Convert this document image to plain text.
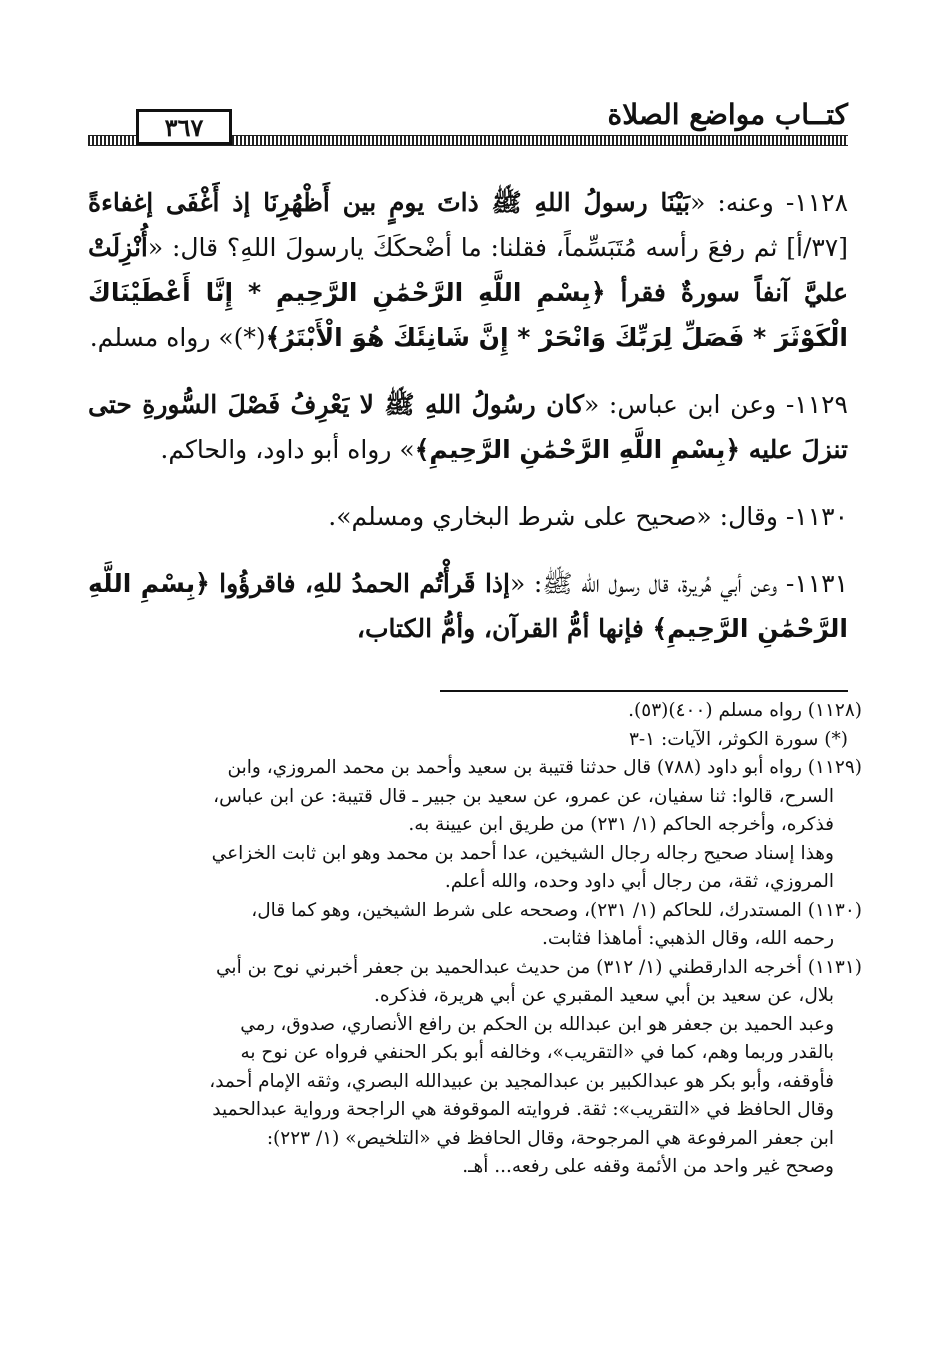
كتــاب مواضع الصلاة
٣٦٧

١١٢٨- وعنه: «بَيْنَا رسولُ اللهِ ﷺ ذاتَ يومٍ بين أَظْهُرِنَا إذ أَغْفَى إغفاءةً [٣٧/أ] ثم رفعَ رأسه مُتَبَسِّماً، فقلنا: ما أضْحكَكَ يارسولَ اللهِ؟ قال: «أُنْزِلَتْ عليَّ آنفاً سورةٌ فقرأ ﴿بِسْمِ اللَّهِ الرَّحْمَٰنِ الرَّحِيمِ * إِنَّا أَعْطَيْنَاكَ الْكَوْثَرَ * فَصَلِّ لِرَبِّكَ وَانْحَرْ * إِنَّ شَانِئَكَ هُوَ الْأَبْتَرُ﴾(*)» رواه مسلم.

١١٢٩- وعن ابن عباس: «كان رسُولُ اللهِ ﷺ لا يَعْرِفُ فَصْلَ السُّورةِ حتى تنزلَ عليه ﴿بِسْمِ اللَّهِ الرَّحْمَٰنِ الرَّحِيمِ﴾» رواه أبو داود، والحاكم.

١١٣٠- وقال: «صحيح على شرط البخاري ومسلم».

١١٣١- وعن أبي هُريرة، قال رسول الله ﷺ: «إذا قَرأْتُم الحمدُ للهِ، فاقرؤُوا ﴿بِسْمِ اللَّهِ الرَّحْمَٰنِ الرَّحِيمِ﴾ فإنها أمُّ القرآن، وأمُّ الكتاب،

(١١٢٨) رواه مسلم (٤٠٠)(٥٣).

(*) سورة الكوثر، الآيات: ١-٣

(١١٢٩) رواه أبو داود (٧٨٨) قال حدثنا قتيبة بن سعيد وأحمد بن محمد المروزي، وابن

السرح، قالوا: ثنا سفيان، عن عمرو، عن سعيد بن جبير ـ قال قتيبة: عن ابن عباس،

فذكره، وأخرجه الحاكم (١/ ٢٣١) من طريق ابن عيينة به.

وهذا إسناد صحيح رجاله رجال الشيخين، عدا أحمد بن محمد وهو ابن ثابت الخزاعي

المروزي، ثقة، من رجال أبي داود وحده، والله أعلم.

(١١٣٠) المستدرك، للحاكم (١/ ٢٣١)، وصححه على شرط الشيخين، وهو كما قال،

رحمه الله، وقال الذهبي: أماهذا فثابت.

(١١٣١) أخرجه الدارقطني (١/ ٣١٢) من حديث عبدالحميد بن جعفر أخبرني نوح بن أبي

بلال، عن سعيد بن أبي سعيد المقبري عن أبي هريرة، فذكره.

وعبد الحميد بن جعفر هو ابن عبدالله بن الحكم بن رافع الأنصاري، صدوق، رمي

بالقدر وربما وهم، كما في «التقريب»، وخالفه أبو بكر الحنفي فرواه عن نوح به

فأوقفه، وأبو بكر هو عبدالكبير بن عبدالمجيد بن عبيدالله البصري، وثقه الإمام أحمد،

وقال الحافظ في «التقريب»: ثقة. فروايته الموقوفة هي الراجحة ورواية عبدالحميد

ابن جعفر المرفوعة هي المرجوحة، وقال الحافظ في «التلخيص» (١/ ٢٢٣):

وصحح غير واحد من الأئمة وقفه على رفعه... أهـ.
